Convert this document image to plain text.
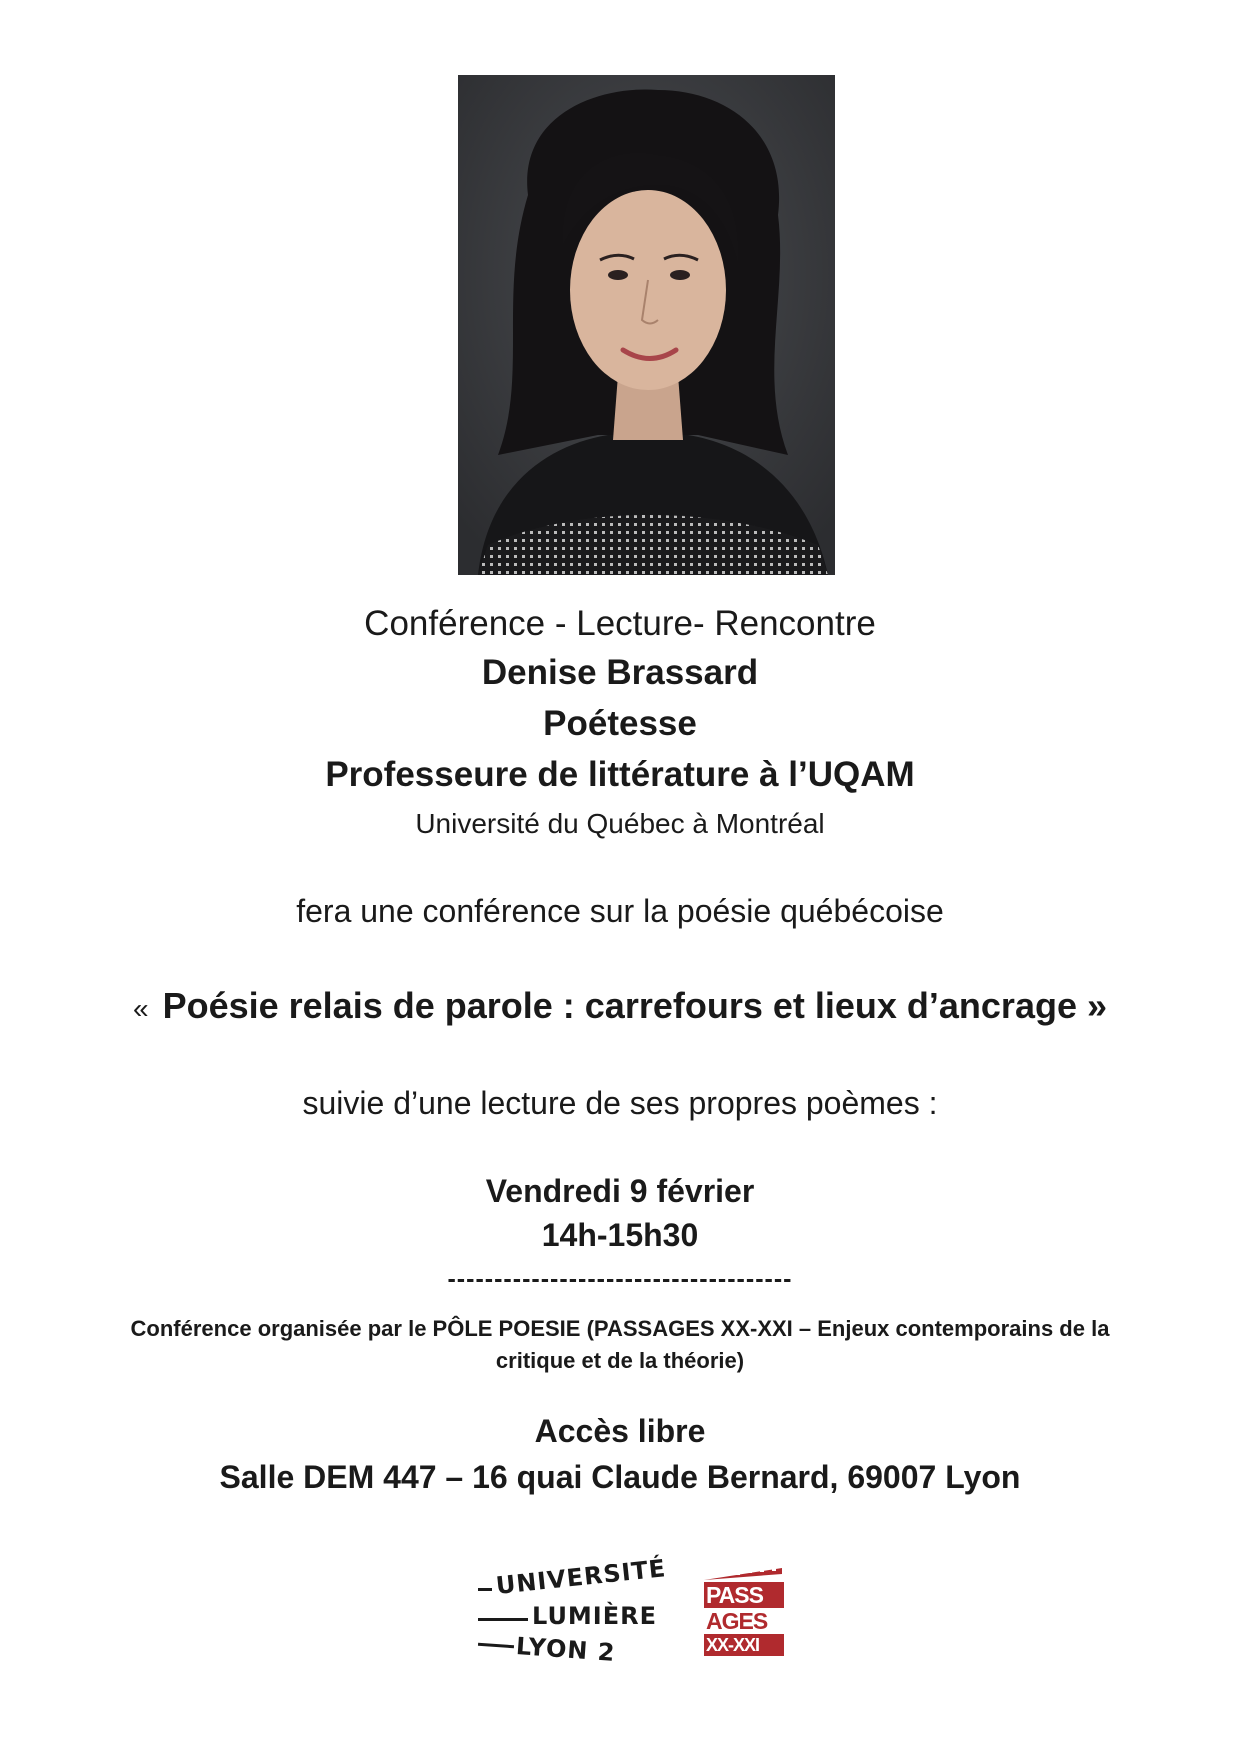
Conférence - Lecture- Rencontre
Denise Brassard
Poétesse
Professeure de littérature à l’UQAM
Université du Québec à Montréal
fera une conférence sur la poésie québécoise
« Poésie relais de parole : carrefours et lieux d’ancrage »
suivie d’une lecture de ses propres poèmes :
Vendredi 9 février
14h-15h30
-------------------------------------
Conférence organisée par le PÔLE POESIE (PASSAGES XX-XXI – Enjeux contemporains de la
critique et de la théorie)
Accès libre
Salle DEM 447 – 16 quai Claude Bernard, 69007 Lyon
UNIVERSITÉ
LUMIÈRE
LYON 2
PASS
AGES
XX-XXI
